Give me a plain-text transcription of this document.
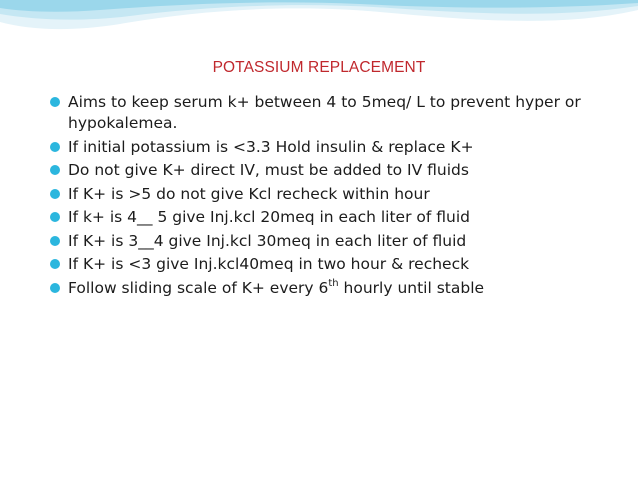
POTASSIUM REPLACEMENT
Aims to keep serum k+ between 4 to 5meq/ L to prevent hyper or hypokalemea.
If initial potassium is <3.3 Hold insulin & replace K+
Do not give K+ direct IV, must be added to IV fluids
If K+ is >5 do not give Kcl recheck within hour
If k+ is 4__ 5 give Inj.kcl 20meq in each liter of fluid
If K+ is 3__4 give Inj.kcl 30meq in each liter of fluid
If K+ is <3 give Inj.kcl40meq in two hour & recheck
Follow sliding scale of K+ every 6th hourly until stable
